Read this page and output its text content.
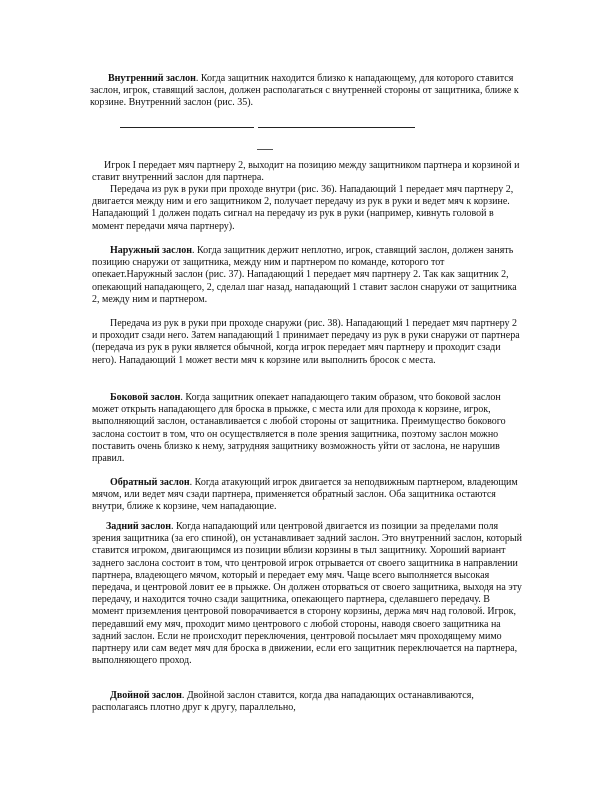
Внутренний заслон. Когда защитник находится близко к нападающему, для которого ставится заслон, игрок, ставящий заслон, должен располагаться с внутренней стороны от защитника, ближе к корзине. Внутренний заслон (рис. 35).

Игрок I передает мяч партнеру 2, выходит на позицию между защитником партнера и корзиной и ставит внутренний заслон для партнера.

Передача из рук в руки при проходе внутри (рис. 36). Нападающий 1 передает мяч партнеру 2, двигается между ним и его защитником 2, получает передачу из рук в руки и ведет мяч к корзине. Нападающий 1 должен подать сигнал на передачу из рук в руки (например, кивнуть головой в момент передачи мяча партнеру).

Наружный заслон. Когда защитник держит неплотно, игрок, ставящий заслон, должен занять позицию снаружи от защитника, между ним и партнером по команде, которого тот опекает.Наружный заслон (рис. 37). Нападающий 1 передает мяч партнеру 2. Так как защитник 2, опекающий нападающего, 2, сделал шаг назад, нападающий 1 ставит заслон снаружи от защитника 2, между ним и партнером.

Передача из рук в руки при проходе снаружи (рис. 38). Нападающий 1 передает мяч партнеру 2 и проходит сзади него. Затем нападающий 1 принимает передачу из рук в руки снаружи от партнера (передача из рук в руки является обычной, когда игрок передает мяч партнеру и проходит сзади него). Нападающий 1 может вести мяч к корзине или выполнить бросок с места.

Боковой заслон. Когда защитник опекает нападающего таким образом, что боковой заслон может открыть нападающего для броска в прыжке, с места или для прохода к корзине, игрок, выполняющий заслон, останавливается с любой стороны от защитника. Преимущество бокового заслона состоит в том, что он осуществляется в поле зрения защитника, поэтому заслон можно поставить очень близко к нему, затрудняя защитнику возможность уйти от заслона, не нарушив правил.

Обратный заслон. Когда атакующий игрок двигается за неподвижным партнером, владеющим мячом, или ведет мяч сзади партнера, применяется обратный заслон. Оба защитника остаются внутри, ближе к корзине, чем нападающие.

Задний заслон. Когда нападающий или центровой двигается из позиции за пределами поля зрения защитника (за его спиной), он устанавливает задний заслон. Это внутренний заслон, который ставится игроком, двигающимся из позиции вблизи корзины в тыл защитнику. Хороший вариант заднего заслона состоит в том, что центровой игрок отрывается от своего защитника в направлении партнера, владеющего мячом, который и передает ему мяч. Чаще всего выполняется высокая передача, и центровой ловит ее в прыжке. Он должен оторваться от своего защитника, выходя на эту передачу, и находится точно сзади защитника, опекающего партнера, сделавшего передачу. В момент приземления центровой поворачивается в сторону корзины, держа мяч над головой. Игрок, передавший ему мяч, проходит мимо центрового с любой стороны, наводя своего защитника на задний заслон. Если не происходит переключения, центровой посылает мяч проходящему мимо партнеру или сам ведет мяч для броска в движении, если его защитник переключается на партнера, выполняющего проход.

Двойной заслон. Двойной заслон ставится, когда два нападающих останавливаются, располагаясь плотно друг к другу, параллельно,
